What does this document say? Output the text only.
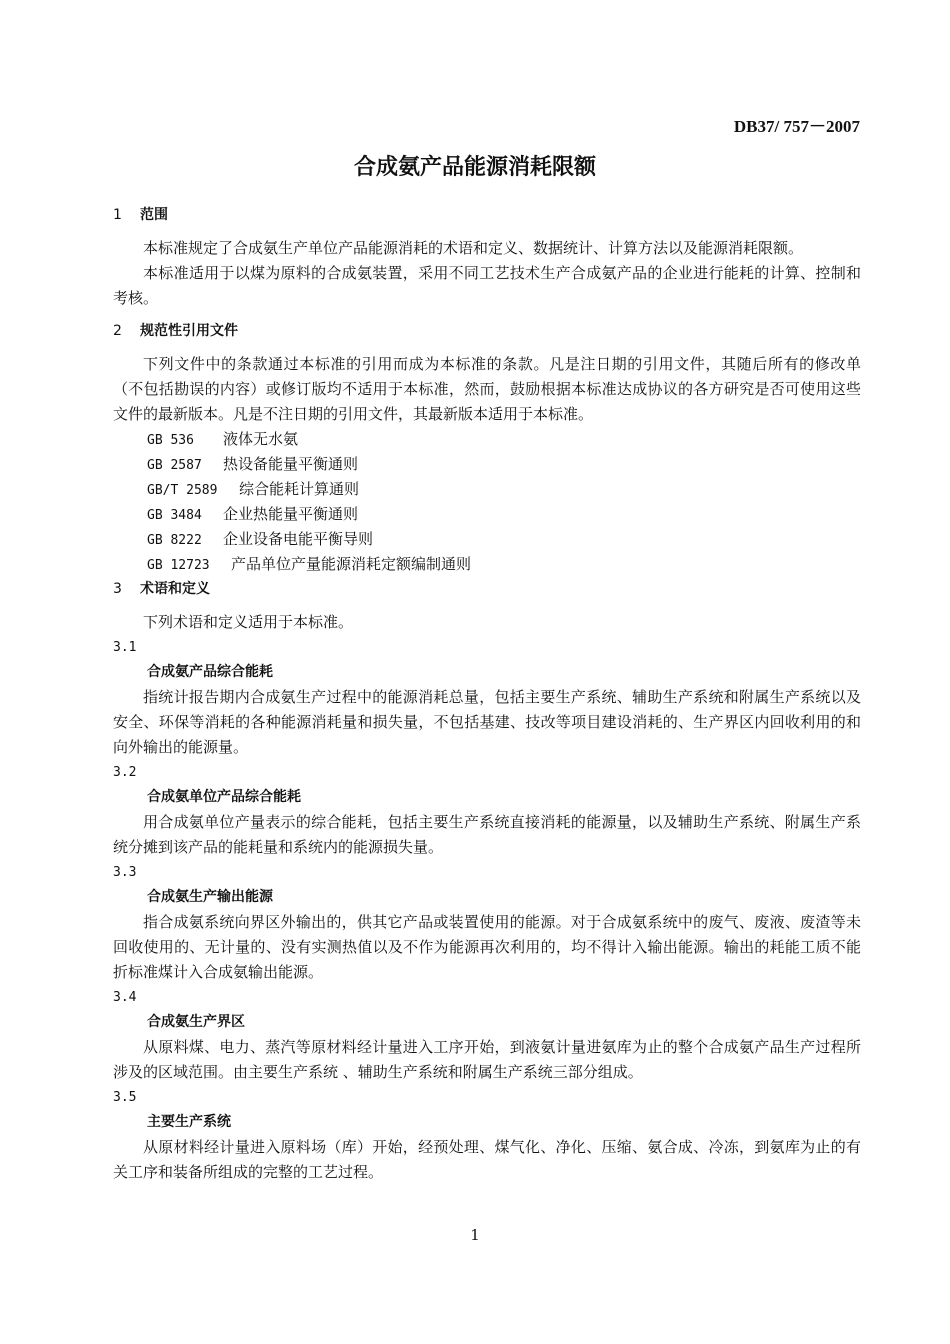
DB37/ 757－2007
合成氨产品能源消耗限额
1 范围

本标准规定了合成氨生产单位产品能源消耗的术语和定义、数据统计、计算方法以及能源消耗限额。

本标准适用于以煤为原料的合成氨装置，采用不同工艺技术生产合成氨产品的企业进行能耗的计算、控制和考核。

2 规范性引用文件

下列文件中的条款通过本标准的引用而成为本标准的条款。凡是注日期的引用文件，其随后所有的修改单（不包括勘误的内容）或修订版均不适用于本标准，然而，鼓励根据本标准达成协议的各方研究是否可使用这些文件的最新版本。凡是不注日期的引用文件，其最新版本适用于本标准。

GB 536 液体无水氨
GB 2587 热设备能量平衡通则
GB/T 2589 综合能耗计算通则
GB 3484 企业热能量平衡通则
GB 8222 企业设备电能平衡导则
GB 12723 产品单位产量能源消耗定额编制通则
3 术语和定义

下列术语和定义适用于本标准。

3.1
合成氨产品综合能耗

指统计报告期内合成氨生产过程中的能源消耗总量，包括主要生产系统、辅助生产系统和附属生产系统以及安全、环保等消耗的各种能源消耗量和损失量，不包括基建、技改等项目建设消耗的、生产界区内回收利用的和向外输出的能源量。

3.2
合成氨单位产品综合能耗

用合成氨单位产量表示的综合能耗，包括主要生产系统直接消耗的能源量，以及辅助生产系统、附属生产系统分摊到该产品的能耗量和系统内的能源损失量。

3.3
合成氨生产输出能源

指合成氨系统向界区外输出的，供其它产品或装置使用的能源。对于合成氨系统中的废气、废液、废渣等未回收使用的、无计量的、没有实测热值以及不作为能源再次利用的，均不得计入输出能源。输出的耗能工质不能折标准煤计入合成氨输出能源。

3.4
合成氨生产界区

从原料煤、电力、蒸汽等原材料经计量进入工序开始，到液氨计量进氨库为止的整个合成氨产品生产过程所涉及的区域范围。由主要生产系统 、辅助生产系统和附属生产系统三部分组成。

3.5
主要生产系统

从原材料经计量进入原料场（库）开始，经预处理、煤气化、净化、压缩、氨合成、冷冻，到氨库为止的有关工序和装备所组成的完整的工艺过程。

1
